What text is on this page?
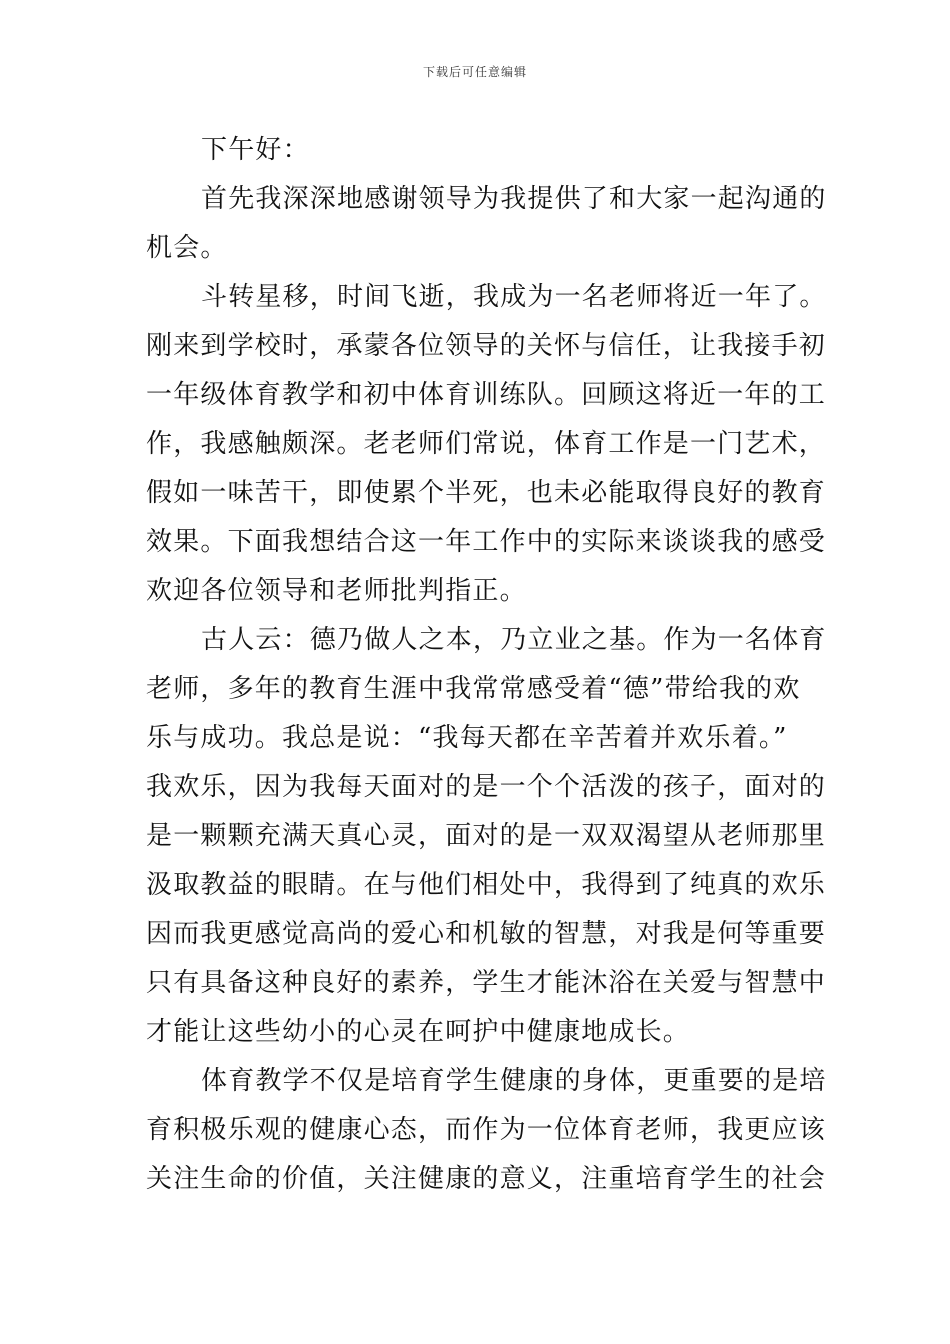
下载后可任意编辑
下午好：
首先我深深地感谢领导为我提供了和大家一起沟通的
机会。
斗转星移，时间飞逝，我成为一名老师将近一年了。
刚来到学校时，承蒙各位领导的关怀与信任，让我接手初
一年级体育教学和初中体育训练队。回顾这将近一年的工
作，我感触颇深。老老师们常说，体育工作是一门艺术，
假如一味苦干，即使累个半死，也未必能取得良好的教育
效果。下面我想结合这一年工作中的实际来谈谈我的感受
欢迎各位领导和老师批判指正。
古人云：德乃做人之本，乃立业之基。作为一名体育
老师，多年的教育生涯中我常常感受着“德”带给我的欢
乐与成功。我总是说：“我每天都在辛苦着并欢乐着。”
我欢乐，因为我每天面对的是一个个活泼的孩子，面对的
是一颗颗充满天真心灵，面对的是一双双渴望从老师那里
汲取教益的眼睛。在与他们相处中，我得到了纯真的欢乐
因而我更感觉高尚的爱心和机敏的智慧，对我是何等重要
只有具备这种良好的素养，学生才能沐浴在关爱与智慧中
才能让这些幼小的心灵在呵护中健康地成长。
体育教学不仅是培育学生健康的身体，更重要的是培
育积极乐观的健康心态，而作为一位体育老师，我更应该
关注生命的价值，关注健康的意义，注重培育学生的社会
